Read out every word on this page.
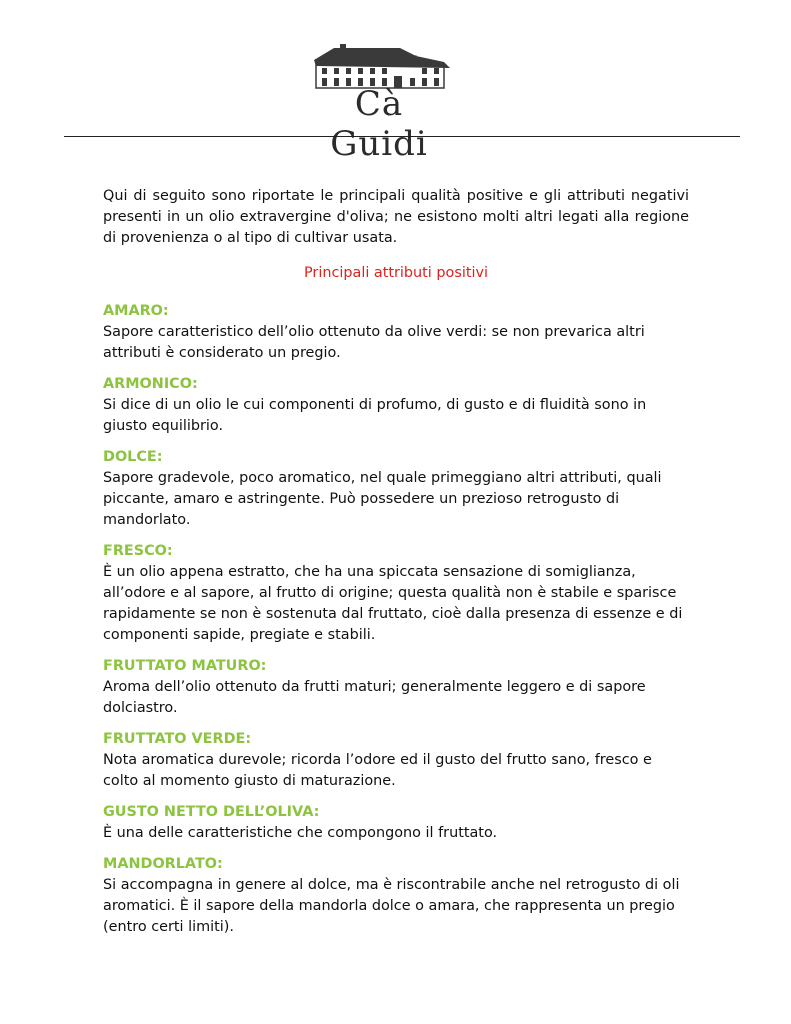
Cà Guidi

Qui di seguito sono riportate le principali qualità positive e gli attributi negativi presenti in un olio extravergine d'oliva; ne esistono molti altri legati alla regione di provenienza o al tipo di cultivar usata.

Principali attributi positivi

AMARO:

Sapore caratteristico dell’olio ottenuto da olive verdi: se non prevarica altri attributi è considerato un pregio.

ARMONICO:

Si dice di un olio le cui componenti di profumo, di gusto e di fluidità sono in giusto equilibrio.

DOLCE:

Sapore gradevole, poco aromatico, nel quale primeggiano altri attributi, quali piccante, amaro e astringente. Può possedere un prezioso retrogusto di mandorlato.

FRESCO:

È un olio appena estratto, che ha una spiccata sensazione di somiglianza, all’odore e al sapore, al frutto di origine; questa qualità non è stabile e sparisce rapidamente se non è sostenuta dal fruttato, cioè dalla presenza di essenze e di componenti sapide, pregiate e stabili.

FRUTTATO MATURO:

Aroma dell’olio ottenuto da frutti maturi; generalmente leggero e di sapore dolciastro.

FRUTTATO VERDE:

Nota aromatica durevole; ricorda l’odore ed il gusto del frutto sano, fresco e colto al momento giusto di maturazione.

GUSTO NETTO DELL’OLIVA:

È una delle caratteristiche che compongono il fruttato.

MANDORLATO:

Si accompagna in genere al dolce, ma è riscontrabile anche nel retrogusto di oli aromatici. È il sapore della mandorla dolce o amara, che rappresenta un pregio (entro certi limiti).
